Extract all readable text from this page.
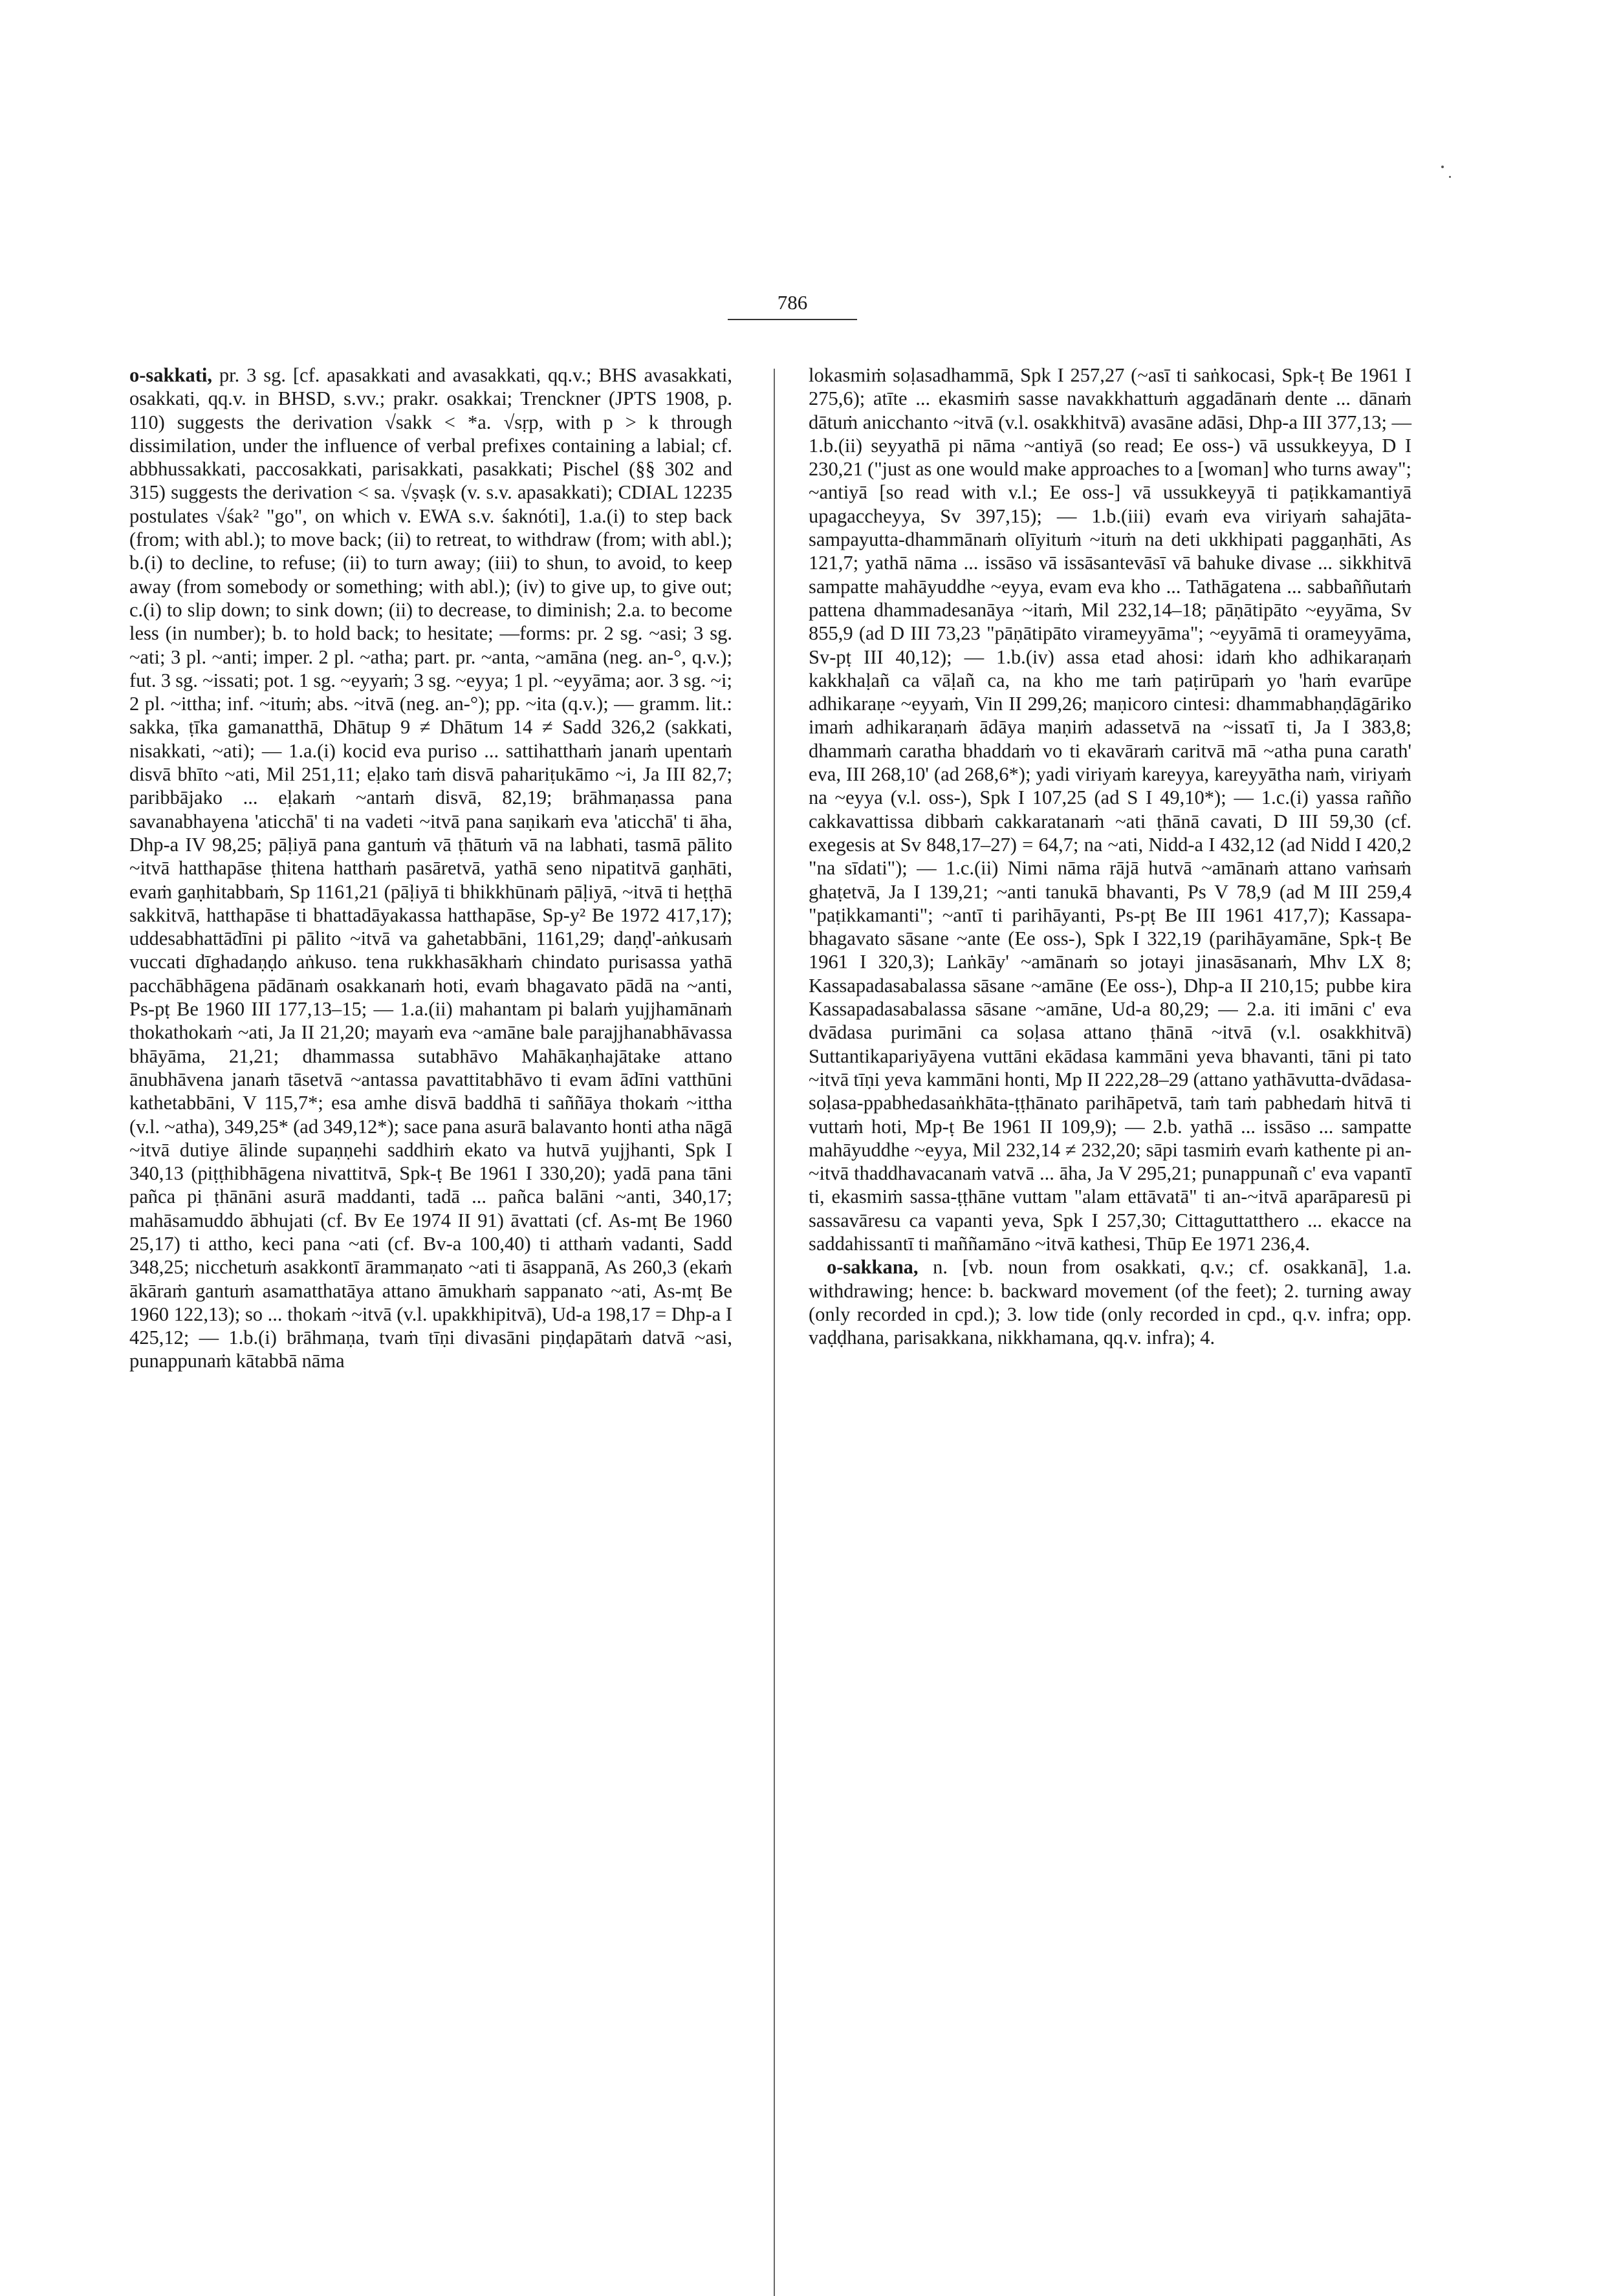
786

o-sakkati, pr. 3 sg. [cf. apasakkati and avasakkati, qq.v.; BHS avasakkati, osakkati, qq.v. in BHSD, s.vv.; prakr. osakkai; Trenckner (JPTS 1908, p. 110) suggests the derivation √sakk < *a. √sṛp, with p > k through dissimilation, under the influence of verbal prefixes containing a labial; cf. abbhussakkati, paccosakkati, parisakkati, pasakkati; Pischel (§§ 302 and 315) suggests the derivation < sa. √ṣvaṣk (v. s.v. apasakkati); CDIAL 12235 postulates √śak² "go", on which v. EWA s.v. śaknóti], 1.a.(i) to step back (from; with abl.); to move back; (ii) to retreat, to withdraw (from; with abl.); b.(i) to decline, to refuse; (ii) to turn away; (iii) to shun, to avoid, to keep away (from somebody or something; with abl.); (iv) to give up, to give out; c.(i) to slip down; to sink down; (ii) to decrease, to diminish; 2.a. to become less (in number); b. to hold back; to hesitate; —forms: pr. 2 sg. ~asi; 3 sg. ~ati; 3 pl. ~anti; imper. 2 pl. ~atha; part. pr. ~anta, ~amāna (neg. an-°, q.v.); fut. 3 sg. ~issati; pot. 1 sg. ~eyyaṁ; 3 sg. ~eyya; 1 pl. ~eyyāma; aor. 3 sg. ~i; 2 pl. ~ittha; inf. ~ituṁ; abs. ~itvā (neg. an-°); pp. ~ita (q.v.); — gramm. lit.: sakka, ṭīka gamanatthā, Dhātup 9 ≠ Dhātum 14 ≠ Sadd 326,2 (sakkati, nisakkati, ~ati); — 1.a.(i) kocid eva puriso ... sattihatthaṁ janaṁ upentaṁ disvā bhīto ~ati, Mil 251,11; eḷako taṁ disvā pahariṭukāmo ~i, Ja III 82,7; paribbājako ... eḷakaṁ ~antaṁ disvā, 82,19; brāhmaṇassa pana savanabhayena 'aticchā' ti na vadeti ~itvā pana saṇikaṁ eva 'aticchā' ti āha, Dhp-a IV 98,25; pāḷiyā pana gantuṁ vā ṭhātuṁ vā na labhati, tasmā pālito ~itvā hatthapāse ṭhitena hatthaṁ pasāretvā, yathā seno nipatitvā gaṇhāti, evaṁ gaṇhitabbaṁ, Sp 1161,21 (pāḷiyā ti bhikkhūnaṁ pāḷiyā, ~itvā ti heṭṭhā sakkitvā, hatthapāse ti bhattadāyakassa hatthapāse, Sp-y² Be 1972 417,17); uddesabhattādīni pi pālito ~itvā va gahetabbāni, 1161,29; daṇḍ'-aṅkusaṁ vuccati dīghadaṇḍo aṅkuso. tena rukkhasākhaṁ chindato purisassa yathā pacchābhāgena pādānaṁ osakkanaṁ hoti, evaṁ bhagavato pādā na ~anti, Ps-pṭ Be 1960 III 177,13–15; — 1.a.(ii) mahantam pi balaṁ yujjhamānaṁ thokathokaṁ ~ati, Ja II 21,20; mayaṁ eva ~amāne bale parajjhanabhāvassa bhāyāma, 21,21; dhammassa sutabhāvo Mahākaṇhajātake attano ānubhāvena janaṁ tāsetvā ~antassa pavattitabhāvo ti evam ādīni vatthūni kathetabbāni, V 115,7*; esa amhe disvā baddhā ti saññāya thokaṁ ~ittha (v.l. ~atha), 349,25* (ad 349,12*); sace pana asurā balavanto honti atha nāgā ~itvā dutiye ālinde supaṇṇehi saddhiṁ ekato va hutvā yujjhanti, Spk I 340,13 (piṭṭhibhāgena nivattitvā, Spk-ṭ Be 1961 I 330,20); yadā pana tāni pañca pi ṭhānāni asurā maddanti, tadā ... pañca balāni ~anti, 340,17; mahāsamuddo ābhujati (cf. Bv Ee 1974 II 91) āvattati (cf. As-mṭ Be 1960 25,17) ti attho, keci pana ~ati (cf. Bv-a 100,40) ti atthaṁ vadanti, Sadd 348,25; nicchetuṁ asakkontī ārammaṇato ~ati ti āsappanā, As 260,3 (ekaṁ ākāraṁ gantuṁ asamatthatāya attano āmukhaṁ sappanato ~ati, As-mṭ Be 1960 122,13); so ... thokaṁ ~itvā (v.l. upakkhipitvā), Ud-a 198,17 = Dhp-a I 425,12; — 1.b.(i) brāhmaṇa, tvaṁ tīṇi divasāni piṇḍapātaṁ datvā ~asi, punappunaṁ kātabbā nāma

lokasmiṁ soḷasadhammā, Spk I 257,27 (~asī ti saṅkocasi, Spk-ṭ Be 1961 I 275,6); atīte ... ekasmiṁ sasse navakkhattuṁ aggadānaṁ dente ... dānaṁ dātuṁ anicchanto ~itvā (v.l. osakkhitvā) avasāne adāsi, Dhp-a III 377,13; — 1.b.(ii) seyyathā pi nāma ~antiyā (so read; Ee oss-) vā ussukkeyya, D I 230,21 ("just as one would make approaches to a [woman] who turns away"; ~antiyā [so read with v.l.; Ee oss-] vā ussukkeyyā ti paṭikkamantiyā upagaccheyya, Sv 397,15); — 1.b.(iii) evaṁ eva viriyaṁ sahajāta-sampayutta-dhammānaṁ olīyituṁ ~ituṁ na deti ukkhipati paggaṇhāti, As 121,7; yathā nāma ... issāso vā issāsantevāsī vā bahuke divase ... sikkhitvā sampatte mahāyuddhe ~eyya, evam eva kho ... Tathāgatena ... sabbaññutaṁ pattena dhammadesanāya ~itaṁ, Mil 232,14–18; pāṇātipāto ~eyyāma, Sv 855,9 (ad D III 73,23 "pāṇātipāto virameyyāma"; ~eyyāmā ti orameyyāma, Sv-pṭ III 40,12); — 1.b.(iv) assa etad ahosi: idaṁ kho adhikaraṇaṁ kakkhaḷañ ca vāḷañ ca, na kho me taṁ paṭirūpaṁ yo 'haṁ evarūpe adhikaraṇe ~eyyaṁ, Vin II 299,26; maṇicoro cintesi: dhammabhaṇḍāgāriko imaṁ adhikaraṇaṁ ādāya maṇiṁ adassetvā na ~issatī ti, Ja I 383,8; dhammaṁ caratha bhaddaṁ vo ti ekavāraṁ caritvā mā ~atha puna carath' eva, III 268,10' (ad 268,6*); yadi viriyaṁ kareyya, kareyyātha naṁ, viriyaṁ na ~eyya (v.l. oss-), Spk I 107,25 (ad S I 49,10*); — 1.c.(i) yassa rañño cakkavattissa dibbaṁ cakkaratanaṁ ~ati ṭhānā cavati, D III 59,30 (cf. exegesis at Sv 848,17–27) = 64,7; na ~ati, Nidd-a I 432,12 (ad Nidd I 420,2 "na sīdati"); — 1.c.(ii) Nimi nāma rājā hutvā ~amānaṁ attano vaṁsaṁ ghaṭetvā, Ja I 139,21; ~anti tanukā bhavanti, Ps V 78,9 (ad M III 259,4 "paṭikkamanti"; ~antī ti parihāyanti, Ps-pṭ Be III 1961 417,7); Kassapa-bhagavato sāsane ~ante (Ee oss-), Spk I 322,19 (parihāyamāne, Spk-ṭ Be 1961 I 320,3); Laṅkāy' ~amānaṁ so jotayi jinasāsanaṁ, Mhv LX 8; Kassapadasabalassa sāsane ~amāne (Ee oss-), Dhp-a II 210,15; pubbe kira Kassapadasabalassa sāsane ~amāne, Ud-a 80,29; — 2.a. iti imāni c' eva dvādasa purimāni ca soḷasa attano ṭhānā ~itvā (v.l. osakkhitvā) Suttantikapariyāyena vuttāni ekādasa kammāni yeva bhavanti, tāni pi tato ~itvā tīṇi yeva kammāni honti, Mp II 222,28–29 (attano yathāvutta-dvādasa-soḷasa-ppabhedasaṅkhāta-ṭṭhānato parihāpetvā, taṁ taṁ pabhedaṁ hitvā ti vuttaṁ hoti, Mp-ṭ Be 1961 II 109,9); — 2.b. yathā ... issāso ... sampatte mahāyuddhe ~eyya, Mil 232,14 ≠ 232,20; sāpi tasmiṁ evaṁ kathente pi an-~itvā thaddhavacanaṁ vatvā ... āha, Ja V 295,21; punappunañ c' eva vapantī ti, ekasmiṁ sassa-ṭṭhāne vuttam "alam ettāvatā" ti an-~itvā aparāparesū pi sassavāresu ca vapanti yeva, Spk I 257,30; Cittaguttatthero ... ekacce na saddahissantī ti maññamāno ~itvā kathesi, Thūp Ee 1971 236,4.

o-sakkana, n. [vb. noun from osakkati, q.v.; cf. osakkanā], 1.a. withdrawing; hence: b. backward movement (of the feet); 2. turning away (only recorded in cpd.); 3. low tide (only recorded in cpd., q.v. infra; opp. vaḍḍhana, parisakkana, nikkhamana, qq.v. infra); 4.
